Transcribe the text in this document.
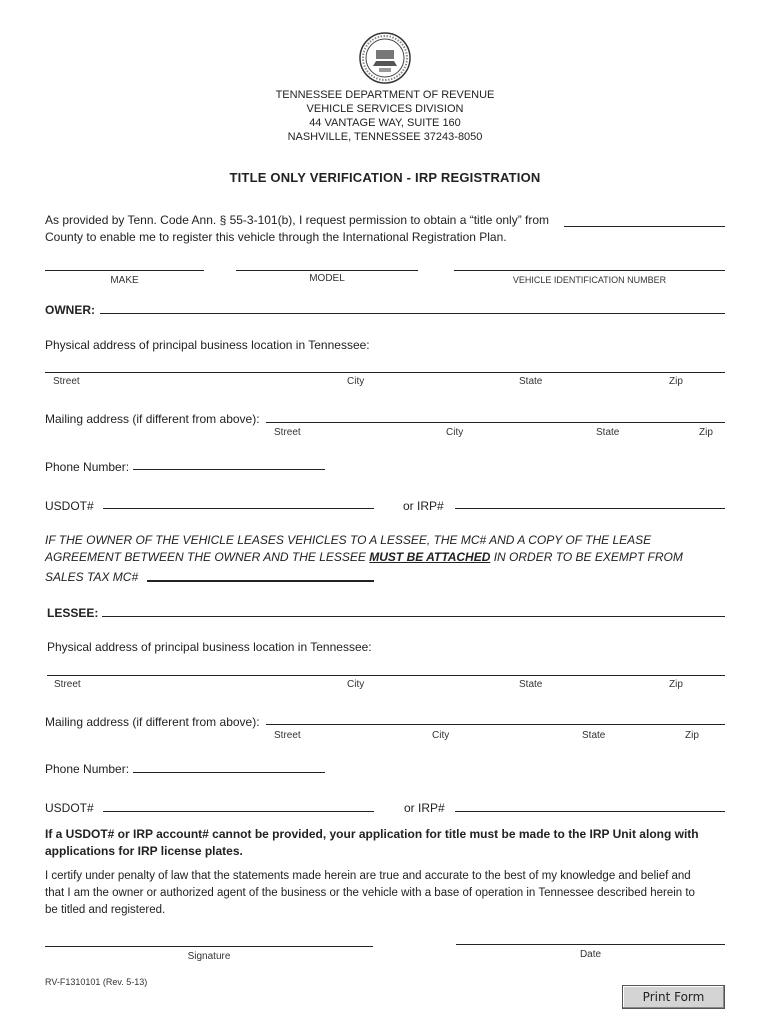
TENNESSEE DEPARTMENT OF REVENUE
VEHICLE SERVICES DIVISION
44 VANTAGE WAY, SUITE 160
NASHVILLE, TENNESSEE 37243-8050
TITLE ONLY VERIFICATION - IRP REGISTRATION
As provided by Tenn. Code Ann. § 55-3-101(b), I request permission to obtain a “title only” from
County to enable me to register this vehicle through the International Registration Plan.
MAKE	MODEL	VEHICLE IDENTIFICATION NUMBER
OWNER:
Physical address of principal business location in Tennessee:
Street	City	State	Zip
Mailing address (if different from above):
Street	City	State	Zip
Phone Number:
USDOT#	or IRP#
IF THE OWNER OF THE VEHICLE LEASES VEHICLES TO A LESSEE, THE MC# AND A COPY OF THE LEASE
AGREEMENT BETWEEN THE OWNER AND THE LESSEE MUST BE ATTACHED IN ORDER TO BE EXEMPT FROM
SALES TAX MC#
LESSEE:
Physical address of principal business location in Tennessee:
Street	City	State	Zip
Mailing address (if different from above):
Street	City	State	Zip
Phone Number:
USDOT#	or IRP#
If a USDOT# or IRP account# cannot be provided, your application for title must be made to the IRP Unit along with
applications for IRP license plates.
I certify under penalty of law that the statements made herein are true and accurate to the best of my knowledge and belief and
that I am the owner or authorized agent of the business or the vehicle with a base of operation in Tennessee described herein to
be titled and registered.
Signature	Date
RV-F1310101 (Rev. 5-13)
Print Form
